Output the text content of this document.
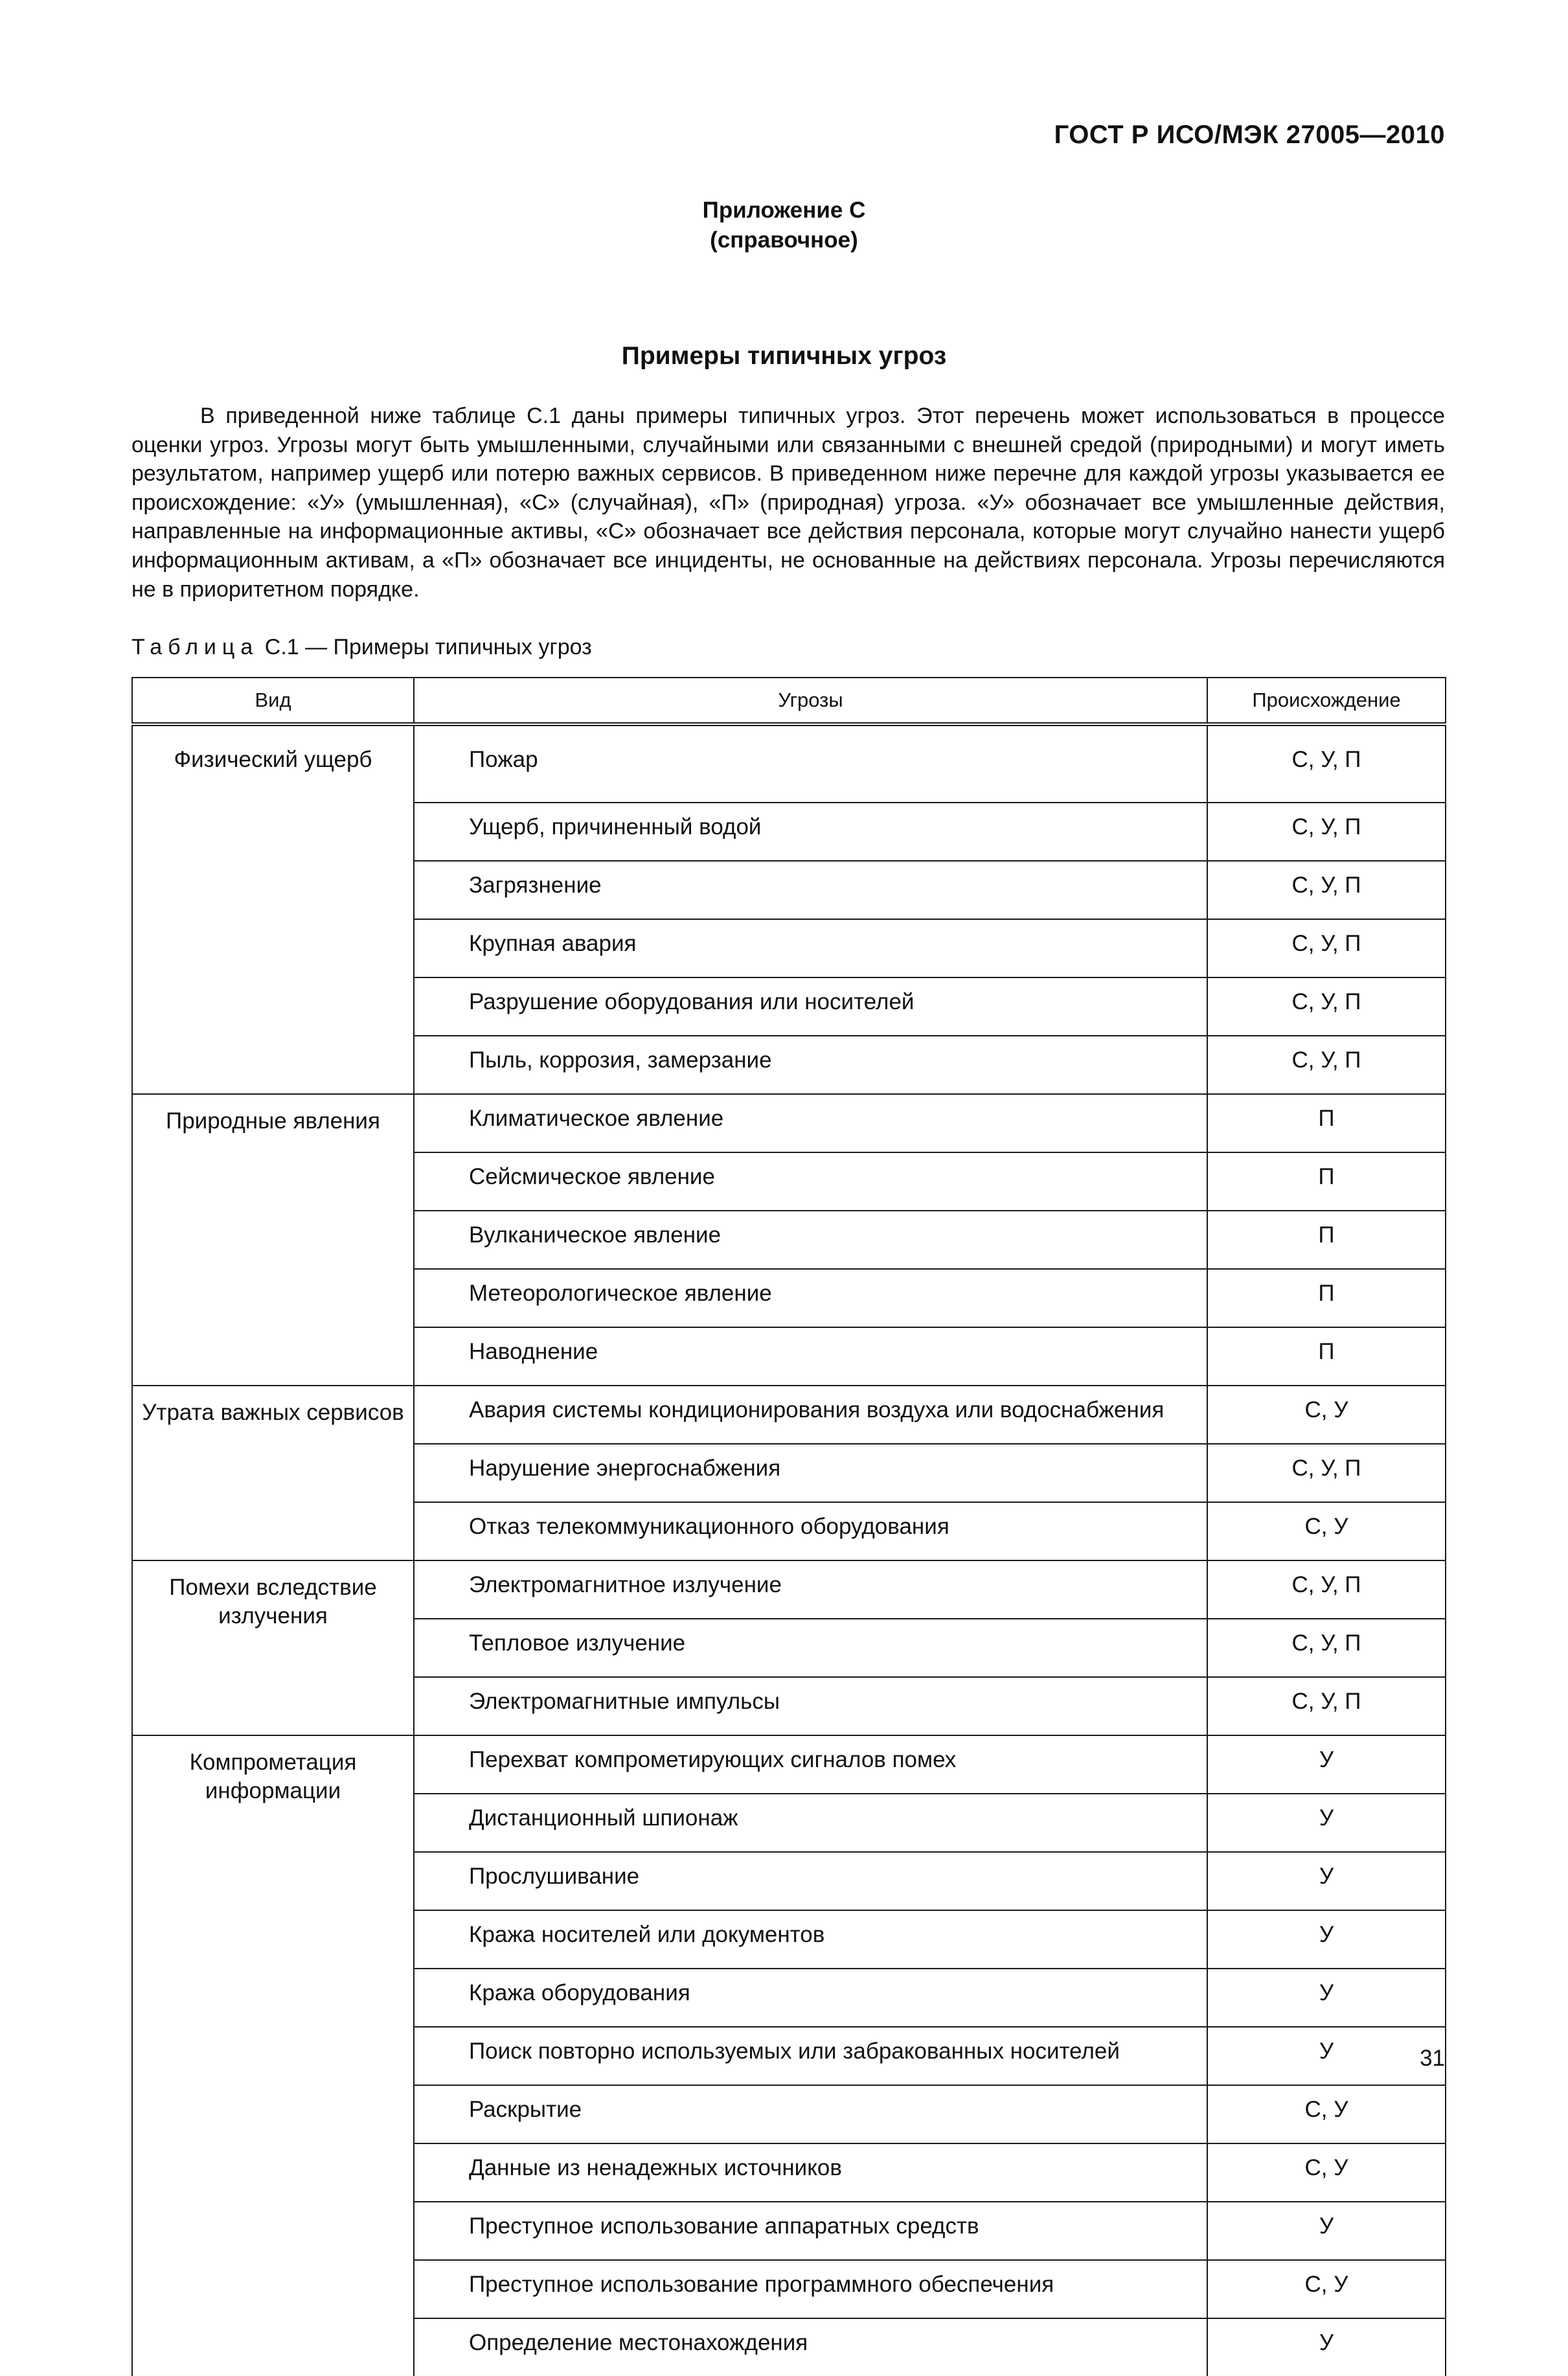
ГОСТ Р ИСО/МЭК 27005—2010
Приложение С
(справочное)
Примеры типичных угроз

В приведенной ниже таблице С.1 даны примеры типичных угроз. Этот перечень может использоваться в процессе оценки угроз. Угрозы могут быть умышленными, случайными или связанными с внешней средой (природными) и могут иметь результатом, например ущерб или потерю важных сервисов. В приведенном ниже перечне для каждой угрозы указывается ее происхождение: «У» (умышленная), «С» (случайная), «П» (природная) угроза. «У» обозначает все умышленные действия, направленные на информационные активы, «С» обозначает все действия персонала, которые могут случайно нанести ущерб информационным активам, а «П» обозначает все инциденты, не основанные на действиях персонала. Угрозы перечисляются не в приоритетном порядке.

Таблица С.1 — Примеры типичных угроз
Вид	Угрозы	Происхождение
Физический ущерб	Пожар	С, У, П
	Ущерб, причиненный водой	С, У, П
	Загрязнение	С, У, П
	Крупная авария	С, У, П
	Разрушение оборудования или носителей	С, У, П
	Пыль, коррозия, замерзание	С, У, П
Природные явления	Климатическое явление	П
	Сейсмическое явление	П
	Вулканическое явление	П
	Метеорологическое явление	П
	Наводнение	П
Утрата важных сервисов	Авария системы кондиционирования воздуха или водоснабжения	С, У
	Нарушение энергоснабжения	С, У, П
	Отказ телекоммуникационного оборудования	С, У
Помехи вследствие излучения	Электромагнитное излучение	С, У, П
	Тепловое излучение	С, У, П
	Электромагнитные импульсы	С, У, П
Компрометация информации	Перехват компрометирующих сигналов помех	У
	Дистанционный шпионаж	У
	Прослушивание	У
	Кража носителей или документов	У
	Кража оборудования	У
	Поиск повторно используемых или забракованных носителей	У
	Раскрытие	С, У
	Данные из ненадежных источников	С, У
	Преступное использование аппаратных средств	У
	Преступное использование программного обеспечения	С, У
	Определение местонахождения	У
31
